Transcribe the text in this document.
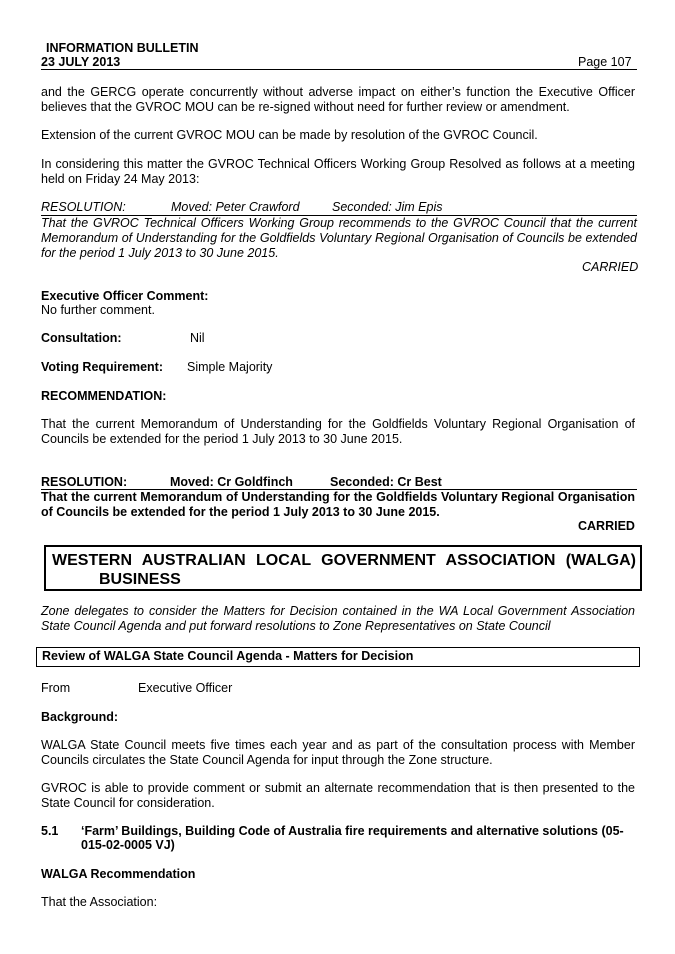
INFORMATION BULLETIN
23 JULY 2013	Page 107
and the GERCG operate concurrently without adverse impact on either’s function the Executive Officer believes that the GVROC MOU can be re-signed without need for further review or amendment.
Extension of the current GVROC MOU can be made by resolution of the GVROC Council.
In considering this matter the GVROC Technical Officers Working Group Resolved as follows at a meeting held on Friday 24 May 2013:
RESOLUTION:	Moved: Peter Crawford	Seconded: Jim Epis
That the GVROC Technical Officers Working Group recommends to the GVROC Council that the current Memorandum of Understanding for the Goldfields Voluntary Regional Organisation of Councils be extended for the period 1 July 2013 to 30 June 2015.
CARRIED
Executive Officer Comment:
No further comment.
Consultation:	Nil
Voting Requirement: Simple Majority
RECOMMENDATION:
That the current Memorandum of Understanding for the Goldfields Voluntary Regional Organisation of Councils be extended for the period 1 July 2013 to 30 June 2015.
RESOLUTION:	Moved: Cr Goldfinch	Seconded: Cr Best
That the current Memorandum of Understanding for the Goldfields Voluntary Regional Organisation of Councils be extended for the period 1 July 2013 to 30 June 2015.
CARRIED
WESTERN AUSTRALIAN LOCAL GOVERNMENT ASSOCIATION (WALGA)
BUSINESS
Zone delegates to consider the Matters for Decision contained in the WA Local Government Association State Council Agenda and put forward resolutions to Zone Representatives on State Council
Review of WALGA State Council Agenda - Matters for Decision
From	Executive Officer
Background:
WALGA State Council meets five times each year and as part of the consultation process with Member Councils circulates the State Council Agenda for input through the Zone structure.
GVROC is able to provide comment or submit an alternate recommendation that is then presented to the State Council for consideration.
5.1 ‘Farm’ Buildings, Building Code of Australia fire requirements and alternative solutions (05-
015-02-0005 VJ)
WALGA Recommendation
That the Association:
